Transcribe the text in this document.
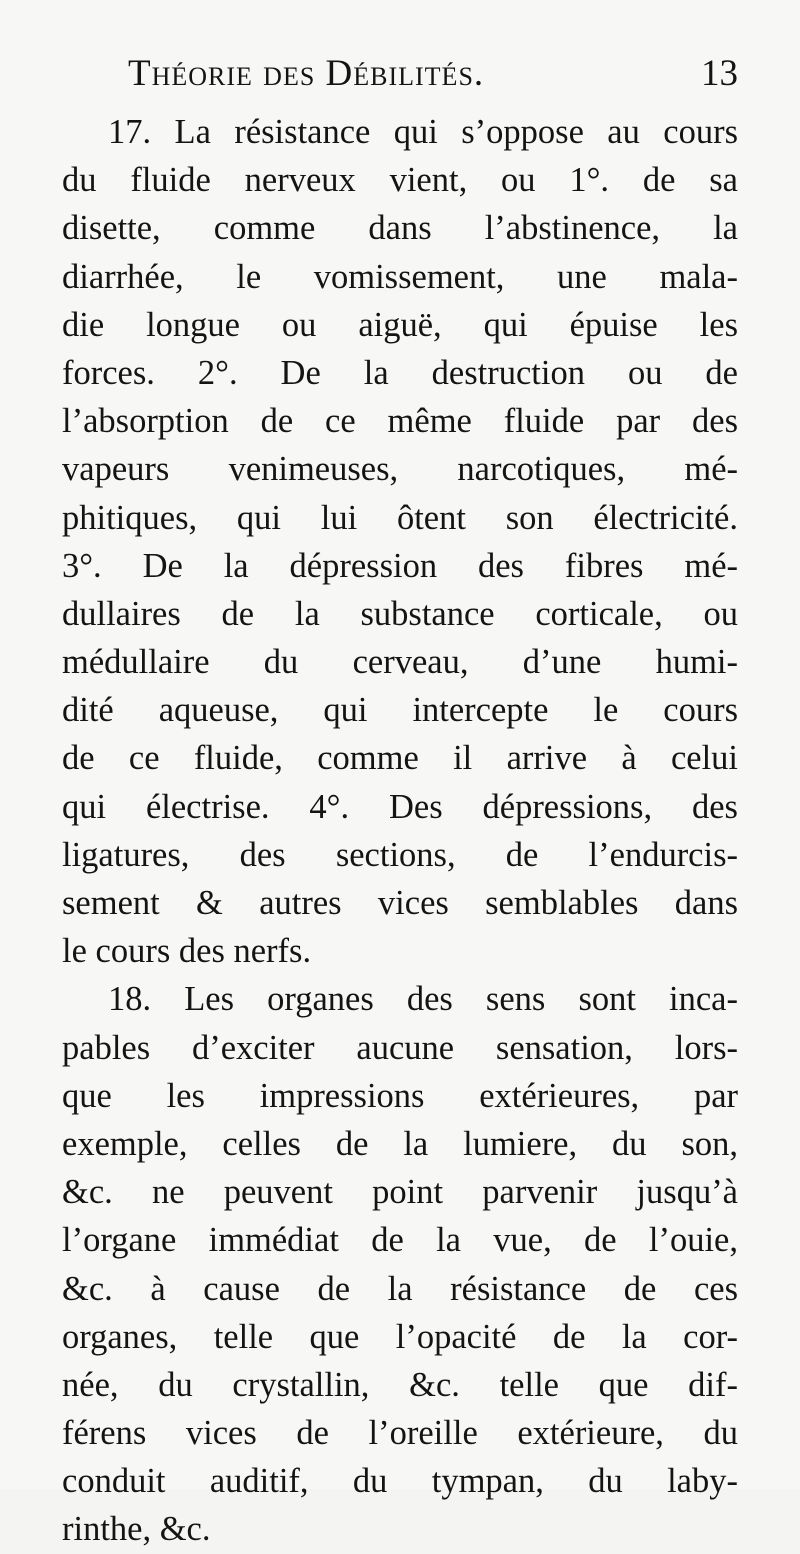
Théorie des Débilités.	13
17. La résistance qui s’oppose au cours
du fluide nerveux vient, ou 1°. de sa
disette, comme dans l’abstinence, la
diarrhée, le vomissement, une mala-
die longue ou aiguë, qui épuise les
forces. 2°. De la destruction ou de
l’absorption de ce même fluide par des
vapeurs venimeuses, narcotiques, mé-
phitiques, qui lui ôtent son électricité.
3°. De la dépression des fibres mé-
dullaires de la substance corticale, ou
médullaire du cerveau, d’une humi-
dité aqueuse, qui intercepte le cours
de ce fluide, comme il arrive à celui
qui électrise. 4°. Des dépressions, des
ligatures, des sections, de l’endurcis-
sement & autres vices semblables dans
le cours des nerfs.
18. Les organes des sens sont inca-
pables d’exciter aucune sensation, lors-
que les impressions extérieures, par
exemple, celles de la lumiere, du son,
&c. ne peuvent point parvenir jusqu’à
l’organe immédiat de la vue, de l’ouie,
&c. à cause de la résistance de ces
organes, telle que l’opacité de la cor-
née, du crystallin, &c. telle que dif-
férens vices de l’oreille extérieure, du
conduit auditif, du tympan, du laby-
rinthe, &c.
